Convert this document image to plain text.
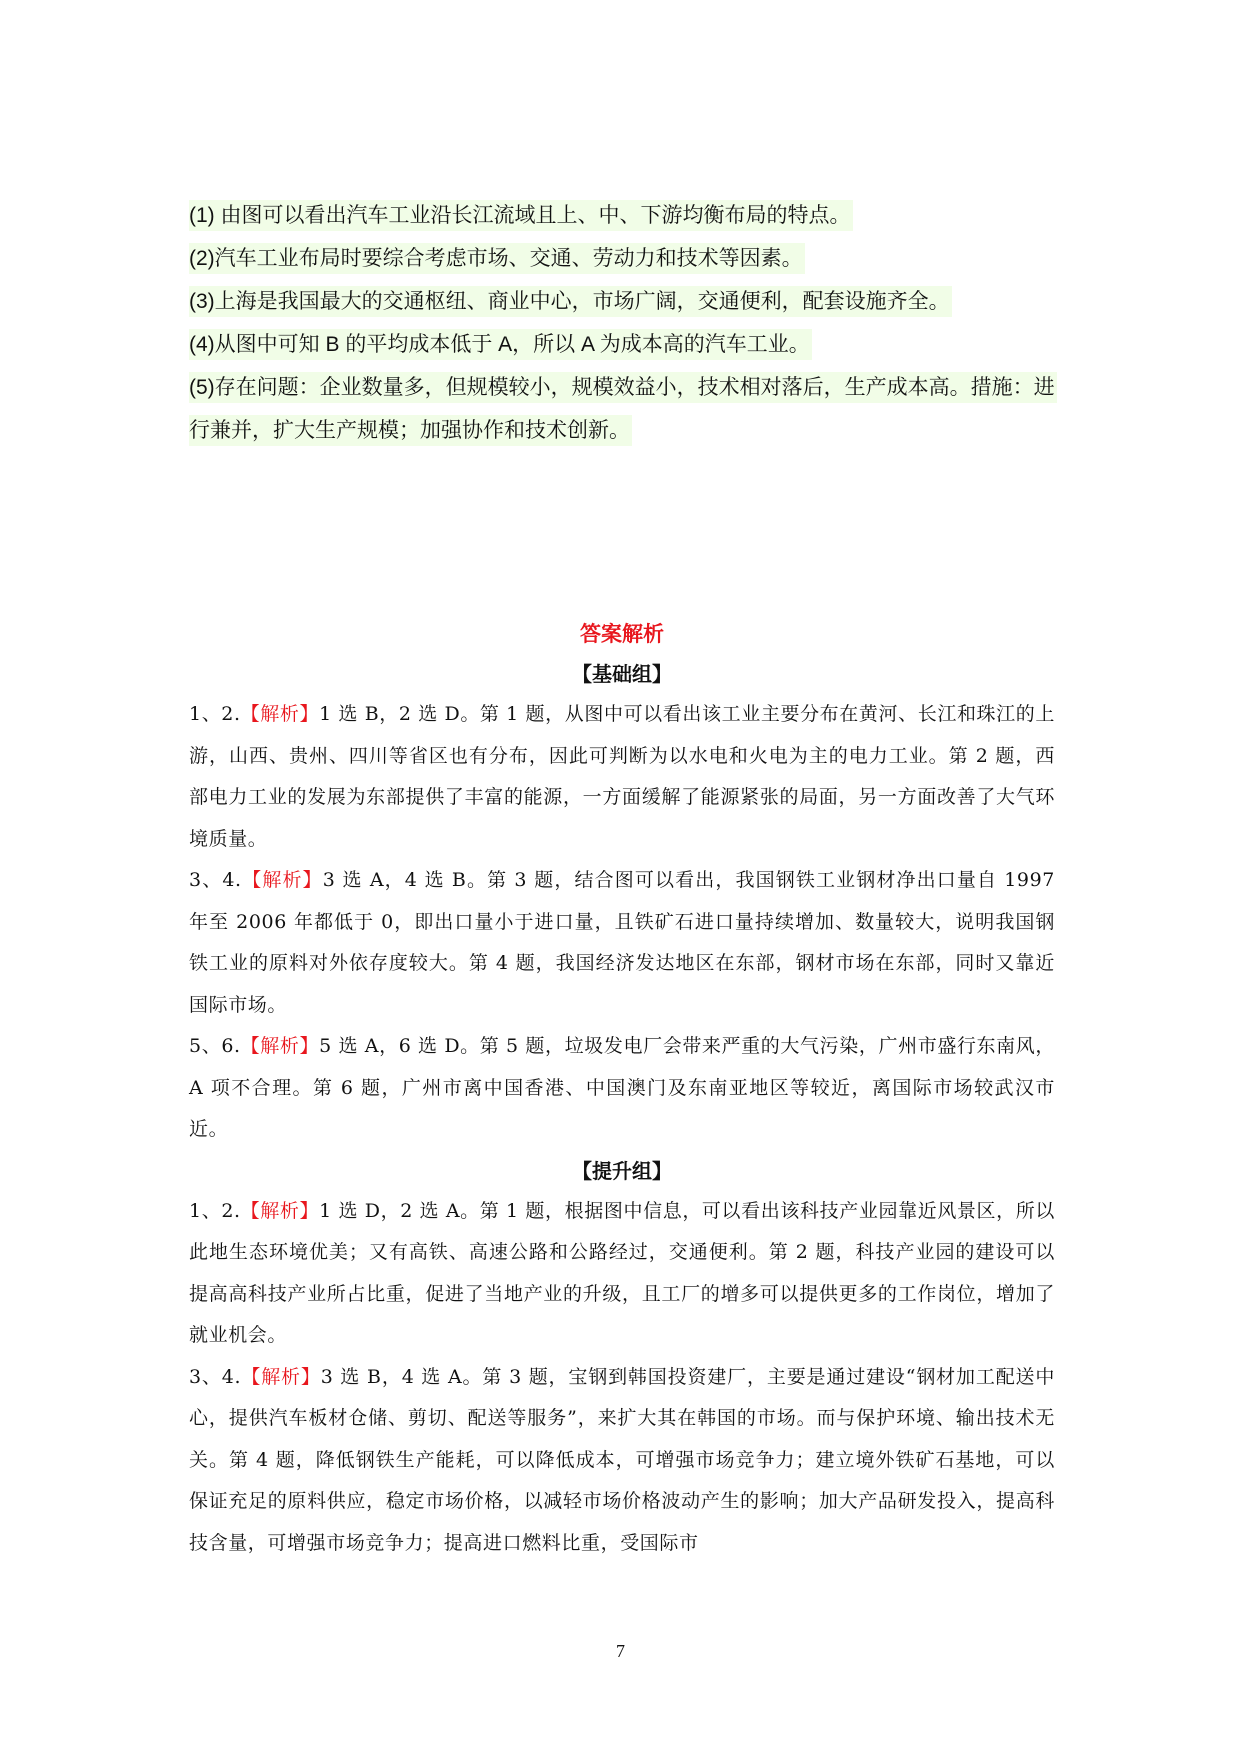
(1) 由图可以看出汽车工业沿长江流域且上、中、下游均衡布局的特点。
(2)汽车工业布局时要综合考虑市场、交通、劳动力和技术等因素。
(3)上海是我国最大的交通枢纽、商业中心，市场广阔，交通便利，配套设施齐全。
(4)从图中可知 B 的平均成本低于 A，所以 A 为成本高的汽车工业。
(5)存在问题：企业数量多，但规模较小，规模效益小，技术相对落后，生产成本高。措施：进行兼并，扩大生产规模；加强协作和技术创新。

答案解析

【基础组】

1、2.【解析】1 选 B，2 选 D。第 1 题，从图中可以看出该工业主要分布在黄河、长江和珠江的上游，山西、贵州、四川等省区也有分布，因此可判断为以水电和火电为主的电力工业。第 2 题，西部电力工业的发展为东部提供了丰富的能源，一方面缓解了能源紧张的局面，另一方面改善了大气环境质量。

3、4.【解析】3 选 A，4 选 B。第 3 题，结合图可以看出，我国钢铁工业钢材净出口量自 1997 年至 2006 年都低于 0，即出口量小于进口量，且铁矿石进口量持续增加、数量较大，说明我国钢铁工业的原料对外依存度较大。第 4 题，我国经济发达地区在东部，钢材市场在东部，同时又靠近国际市场。

5、6.【解析】5 选 A，6 选 D。第 5 题，垃圾发电厂会带来严重的大气污染，广州市盛行东南风，A 项不合理。第 6 题，广州市离中国香港、中国澳门及东南亚地区等较近，离国际市场较武汉市近。

【提升组】

1、2.【解析】1 选 D，2 选 A。第 1 题，根据图中信息，可以看出该科技产业园靠近风景区，所以此地生态环境优美；又有高铁、高速公路和公路经过，交通便利。第 2 题，科技产业园的建设可以提高高科技产业所占比重，促进了当地产业的升级，且工厂的增多可以提供更多的工作岗位，增加了就业机会。

3、4.【解析】3 选 B，4 选 A。第 3 题，宝钢到韩国投资建厂，主要是通过建设“钢材加工配送中心，提供汽车板材仓储、剪切、配送等服务”，来扩大其在韩国的市场。而与保护环境、输出技术无关。第 4 题，降低钢铁生产能耗，可以降低成本，可增强市场竞争力；建立境外铁矿石基地，可以保证充足的原料供应，稳定市场价格，以减轻市场价格波动产生的影响；加大产品研发投入，提高科技含量，可增强市场竞争力；提高进口燃料比重，受国际市

7
